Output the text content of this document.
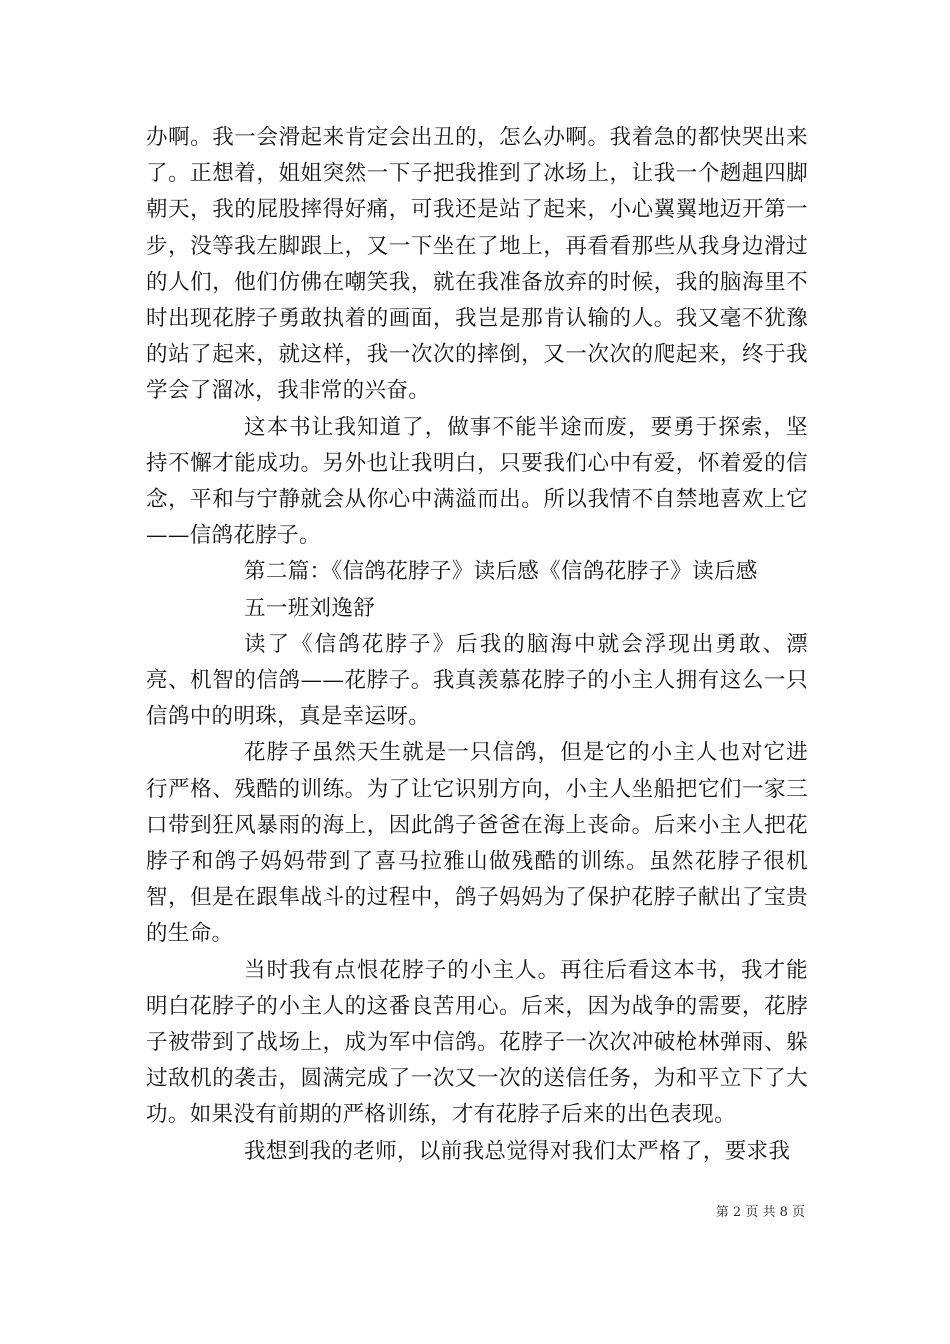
办啊。我一会滑起来肯定会出丑的，怎么办啊。我着急的都快哭出来了。正想着，姐姐突然一下子把我推到了冰场上，让我一个趔趄四脚朝天，我的屁股摔得好痛，可我还是站了起来，小心翼翼地迈开第一步，没等我左脚跟上，又一下坐在了地上，再看看那些从我身边滑过的人们，他们仿佛在嘲笑我，就在我准备放弃的时候，我的脑海里不时出现花脖子勇敢执着的画面，我岂是那肯认输的人。我又毫不犹豫的站了起来，就这样，我一次次的摔倒，又一次次的爬起来，终于我学会了溜冰，我非常的兴奋。

这本书让我知道了，做事不能半途而废，要勇于探索，坚持不懈才能成功。另外也让我明白，只要我们心中有爱，怀着爱的信念，平和与宁静就会从你心中满溢而出。所以我情不自禁地喜欢上它——信鸽花脖子。

第二篇：《信鸽花脖子》读后感《信鸽花脖子》读后感

五一班刘逸舒

读了《信鸽花脖子》后我的脑海中就会浮现出勇敢、漂亮、机智的信鸽——花脖子。我真羡慕花脖子的小主人拥有这么一只信鸽中的明珠，真是幸运呀。

花脖子虽然天生就是一只信鸽，但是它的小主人也对它进行严格、残酷的训练。为了让它识别方向，小主人坐船把它们一家三口带到狂风暴雨的海上，因此鸽子爸爸在海上丧命。后来小主人把花脖子和鸽子妈妈带到了喜马拉雅山做残酷的训练。虽然花脖子很机智，但是在跟隼战斗的过程中，鸽子妈妈为了保护花脖子献出了宝贵的生命。

当时我有点恨花脖子的小主人。再往后看这本书，我才能明白花脖子的小主人的这番良苦用心。后来，因为战争的需要，花脖子被带到了战场上，成为军中信鸽。花脖子一次次冲破枪林弹雨、躲过敌机的袭击，圆满完成了一次又一次的送信任务，为和平立下了大功。如果没有前期的严格训练，才有花脖子后来的出色表现。

我想到我的老师，以前我总觉得对我们太严格了，要求我

第 2 页 共 8 页
